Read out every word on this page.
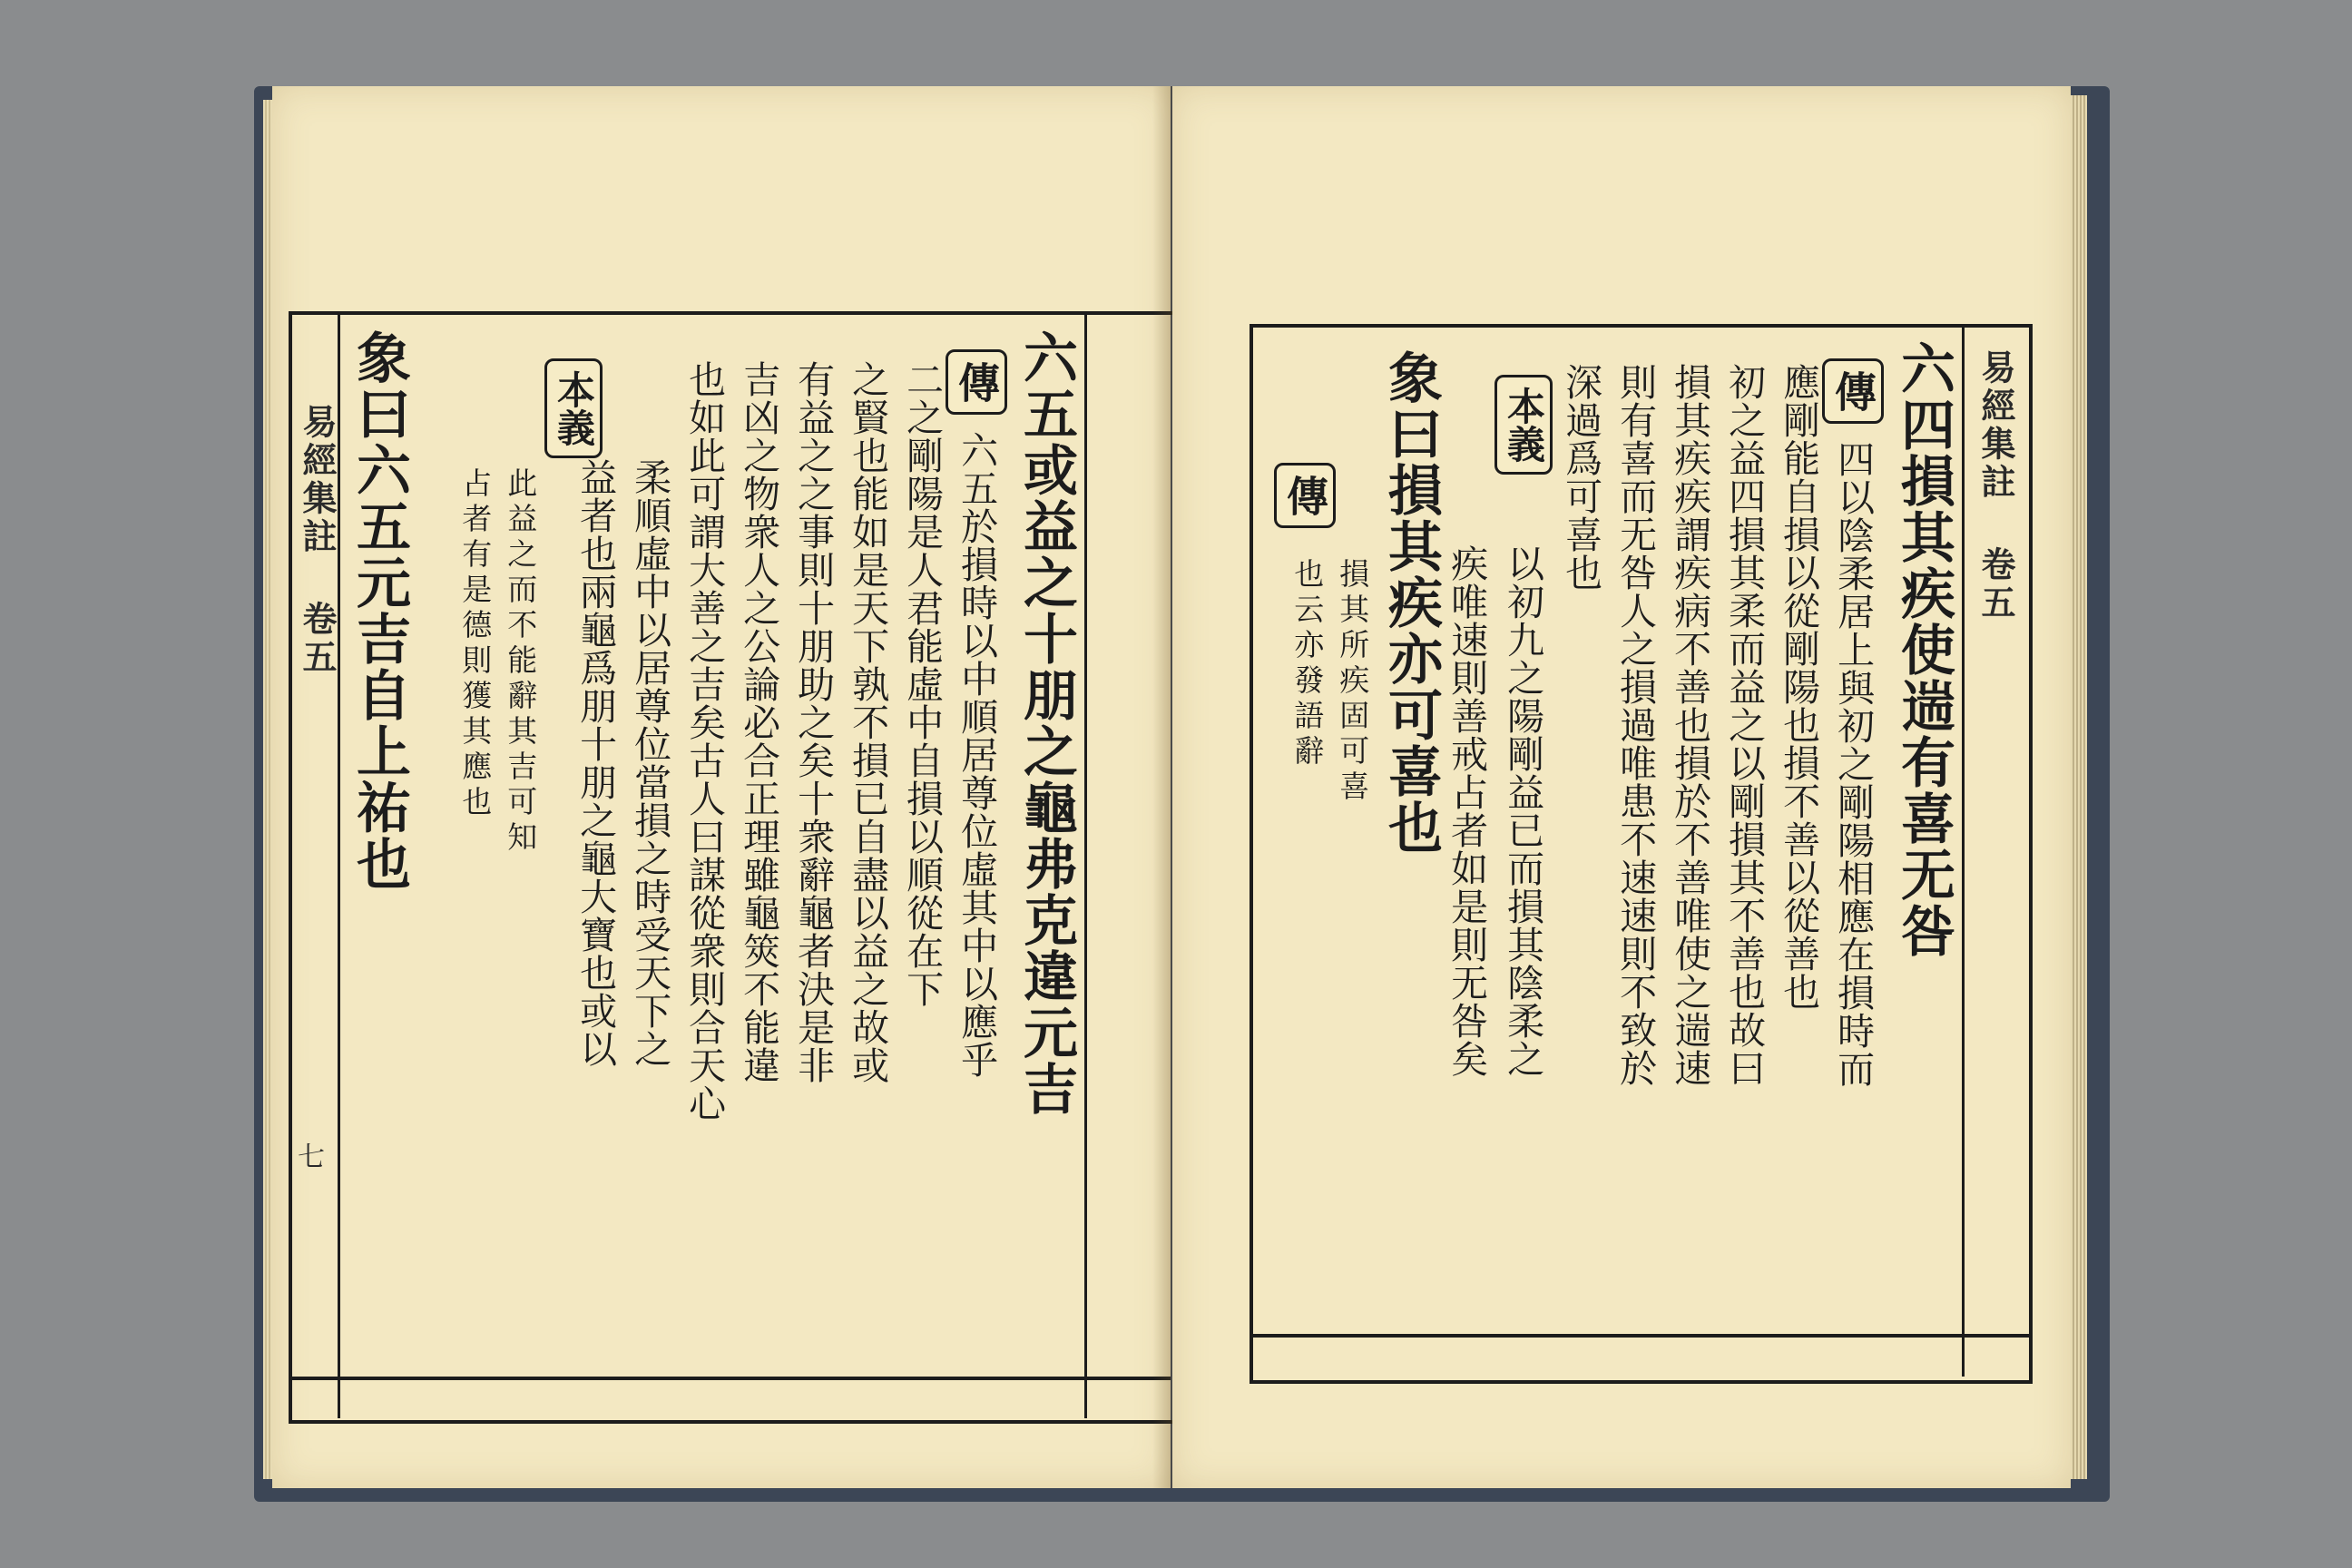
易經集註 卷五
七

六五或益之十朋之龜弗克違元吉

傳

六五於損時以中順居尊位虛其中以應乎

二之剛陽是人君能虛中自損以順從在下

之賢也能如是天下孰不損已自盡以益之故或

有益之之事則十朋助之矣十衆辭龜者決是非

吉凶之物衆人之公論必合正理雖龜筴不能違

也如此可謂大善之吉矣古人曰謀從衆則合天心

本義

柔順虛中以居尊位當損之時受天下之

益者也兩龜爲朋十朋之龜大寶也或以

此益之而不能辭其吉可知

占者有是德則獲其應也

象曰六五元吉自上祐也	易經集註 卷五

六四損其疾使遄有喜无咎

傳

四以陰柔居上與初之剛陽相應在損時而

應剛能自損以從剛陽也損不善以從善也

初之益四損其柔而益之以剛損其不善也故曰

損其疾疾謂疾病不善也損於不善唯使之遄速

則有喜而无咎人之損過唯患不速速則不致於

深過爲可喜也

本義

以初九之陽剛益已而損其陰柔之

疾唯速則善戒占者如是則无咎矣

象曰損其疾亦可喜也

傳

損其所疾固可喜

也云亦發語辭
